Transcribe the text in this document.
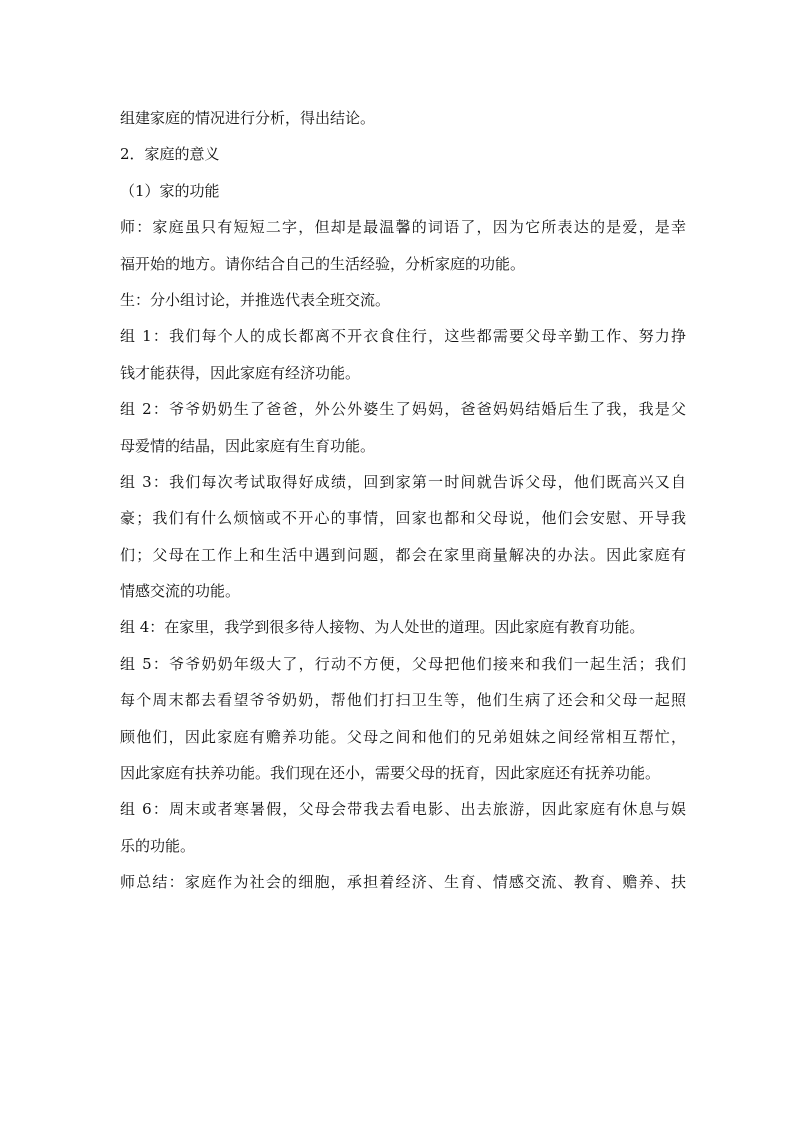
组建家庭的情况进行分析，得出结论。
2．家庭的意义
（1）家的功能
师：家庭虽只有短短二字，但却是最温馨的词语了，因为它所表达的是爱，是幸
福开始的地方。请你结合自己的生活经验，分析家庭的功能。
生：分小组讨论，并推选代表全班交流。
组 1：我们每个人的成长都离不开衣食住行，这些都需要父母辛勤工作、努力挣
钱才能获得，因此家庭有经济功能。
组 2：爷爷奶奶生了爸爸，外公外婆生了妈妈，爸爸妈妈结婚后生了我，我是父
母爱情的结晶，因此家庭有生育功能。
组 3：我们每次考试取得好成绩，回到家第一时间就告诉父母，他们既高兴又自
豪；我们有什么烦恼或不开心的事情，回家也都和父母说，他们会安慰、开导我
们；父母在工作上和生活中遇到问题，都会在家里商量解决的办法。因此家庭有
情感交流的功能。
组 4：在家里，我学到很多待人接物、为人处世的道理。因此家庭有教育功能。
组 5：爷爷奶奶年级大了，行动不方便，父母把他们接来和我们一起生活；我们
每个周末都去看望爷爷奶奶，帮他们打扫卫生等，他们生病了还会和父母一起照
顾他们，因此家庭有赡养功能。父母之间和他们的兄弟姐妹之间经常相互帮忙，
因此家庭有扶养功能。我们现在还小，需要父母的抚育，因此家庭还有抚养功能。
组 6：周末或者寒暑假，父母会带我去看电影、出去旅游，因此家庭有休息与娱
乐的功能。
师总结：家庭作为社会的细胞，承担着经济、生育、情感交流、教育、赡养、扶
